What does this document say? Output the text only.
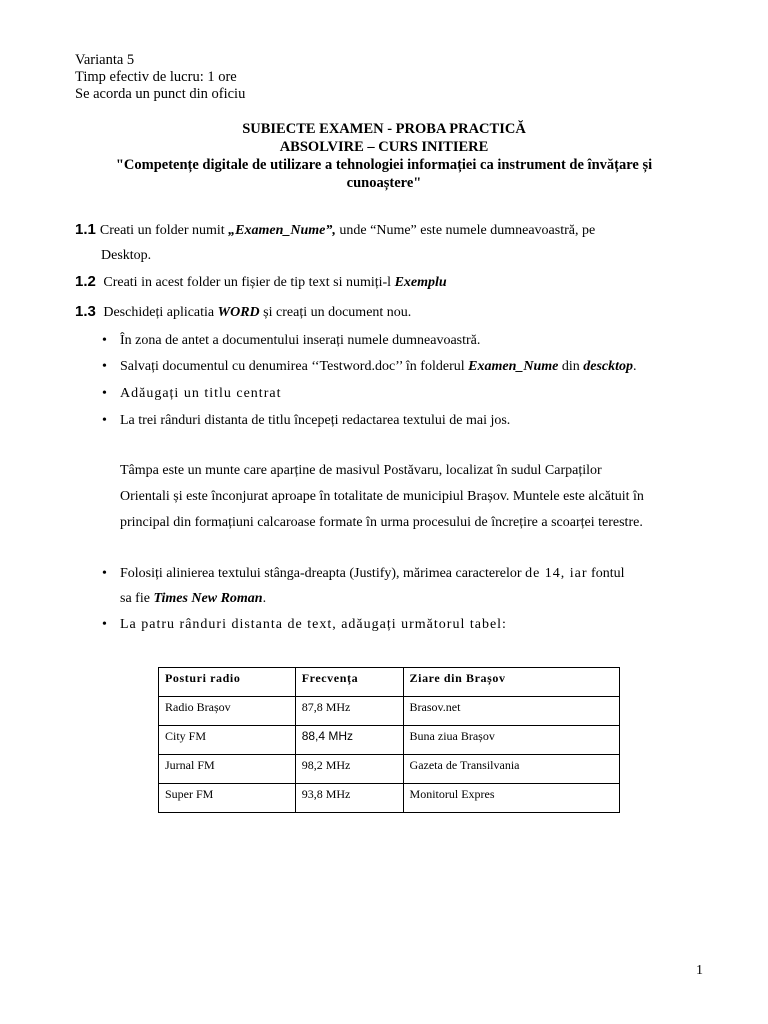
Varianta 5
Timp efectiv de lucru: 1 ore
Se acorda un punct din oficiu
SUBIECTE EXAMEN - PROBA PRACTICĂ
ABSOLVIRE – CURS INITIERE
"Competențe digitale de utilizare a tehnologiei informației ca instrument de învățare și
cunoaștere"
1.1 Creati un folder numit „Examen_Nume”, unde “Nume” este numele dumneavoastră, pe
Desktop.
1.2 Creati in acest folder un fișier de tip text si numiți-l Exemplu
1.3 Deschideți aplicatia WORD și creați un document nou.
• În zona de antet a documentului inserați numele dumneavoastră.
• Salvați documentul cu denumirea ‘‘Testword.doc’’ în folderul Examen_Nume din descktop.
• Adăugați un titlu centrat
• La trei rânduri distanta de titlu începeți redactarea textului de mai jos.
Tâmpa este un munte care aparține de masivul Postăvaru, localizat în sudul Carpaților
Orientali și este înconjurat aproape în totalitate de municipiul Brașov. Muntele este alcătuit în
principal din formațiuni calcaroase formate în urma procesului de încrețire a scoarței terestre.
• Folosiți alinierea textului stânga-dreapta (Justify), mărimea caracterelor de 14, iar fontul
sa fie Times New Roman.
• La patru rânduri distanta de text, adăugați următorul tabel:
Posturi radio	Frecvența	Ziare din Brașov
Radio Brașov	87,8 MHz	Brasov.net
City FM	88,4 MHz	Buna ziua Brașov
Jurnal FM	98,2 MHz	Gazeta de Transilvania
Super FM	93,8 MHz	Monitorul Expres
1
